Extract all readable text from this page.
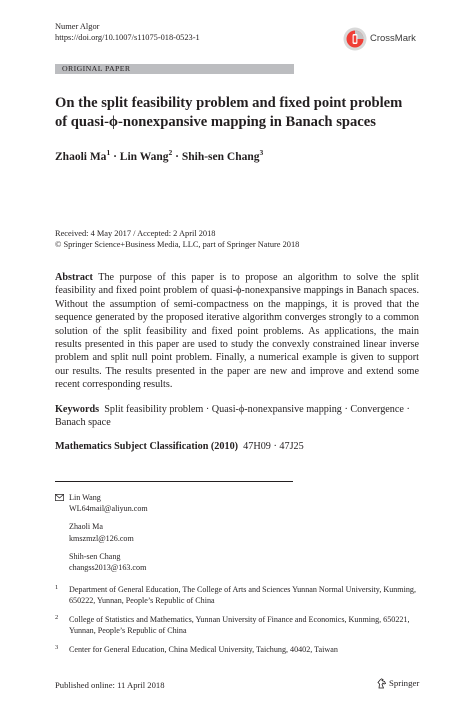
Numer Algor
https://doi.org/10.1007/s11075-018-0523-1	CrossMark
ORIGINAL PAPER
On the split feasibility problem and fixed point problem
of quasi-ϕ-nonexpansive mapping in Banach spaces
Zhaoli $Ma^1$ · Lin Wang$^2$ · Shih-sen Chang$^3$
Received: 4 May 2017 / Accepted: 2 April 2018
© Springer Science+Business Media, LLC, part of Springer Nature 2018
Abstract The purpose of this paper is to propose an algorithm to solve the split feasibility and fixed point problem of quasi-ϕ-nonexpansive mappings in Banach spaces. Without the assumption of semi-compactness on the mappings, it is proved that the sequence generated by the proposed iterative algorithm converges strongly to a common solution of the split feasibility and fixed point problems. As applications, the main results presented in this paper are used to study the convexly constrained linear inverse problem and split null point problem. Finally, a numerical example is given to support our results. The results presented in the paper are new and improve and extend some recent corresponding results.
Keywords Split feasibility problem · Quasi-ϕ-nonexpansive mapping · Convergence · Banach space
Mathematics Subject Classification (2010) 47H09 · 47J25
Lin Wang
WL64mail@aliyun.com
Zhaoli Ma
kmszmzl@126.com
Shih-sen Chang
changss2013@163.com
1 Department of General Education, The College of Arts and Sciences Yunnan Normal University, Kunming, 650222, Yunnan, People’s Republic of China
2 College of Statistics and Mathematics, Yunnan University of Finance and Economics, Kunming, 650221, Yunnan, People’s Republic of China
3 Center for General Education, China Medical University, Taichung, 40402, Taiwan
Published online: 11 April 2018	Springer
